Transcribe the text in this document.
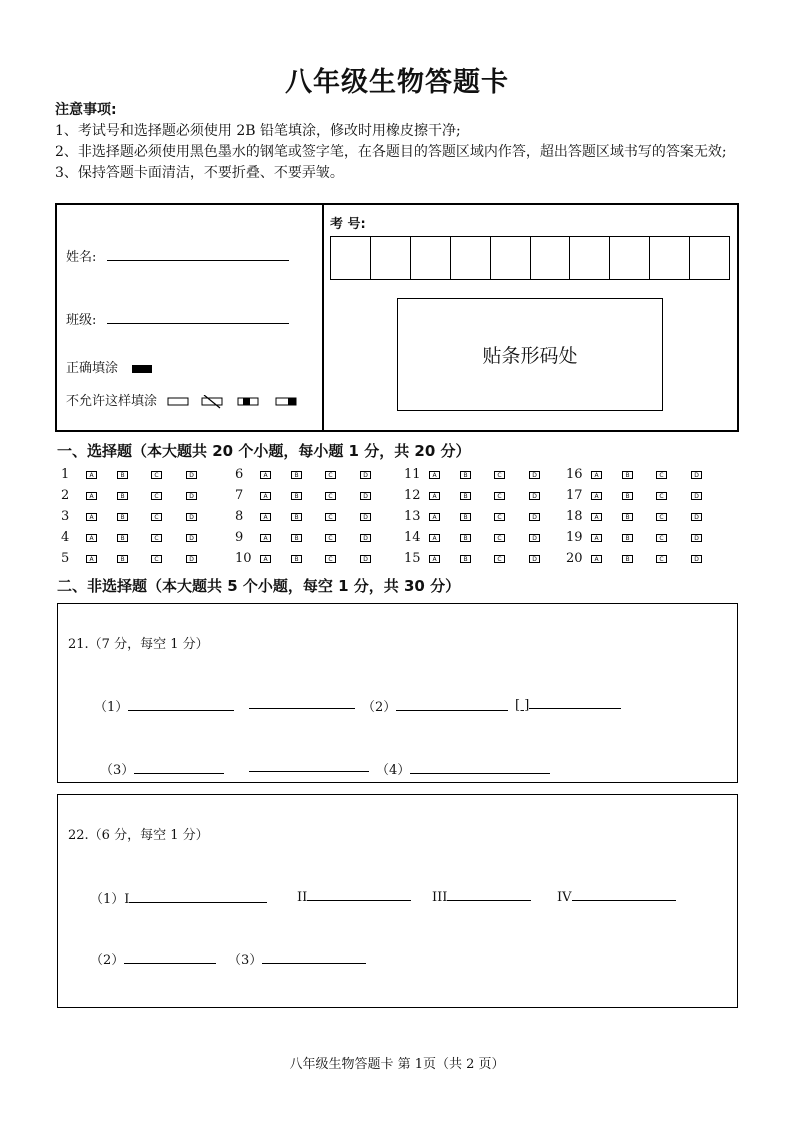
八年级生物答题卡
注意事项:
1、考试号和选择题必须使用 2B 铅笔填涂，修改时用橡皮擦干净;
2、非选择题必须使用黑色墨水的钢笔或签字笔，在各题目的答题区域内作答，超出答题区域书写的答案无效;
3、保持答题卡面清洁，不要折叠、不要弄皱。
姓名:
班级:
正确填涂
不允许这样填涂
考 号:
贴条形码处
一、选择题（本大题共 20 个小题，每小题 1 分，共 20 分）
1	A	B	C	D
2	A	B	C	D
3	A	B	C	D
4	A	B	C	D
5	A	B	C	D
6	A	B	C	D
7	A	B	C	D
8	A	B	C	D
9	A	B	C	D
10	A	B	C	D
11	A	B	C	D
12	A	B	C	D
13	A	B	C	D
14	A	B	C	D
15	A	B	C	D
16	A	B	C	D
17	A	B	C	D
18	A	B	C	D
19	A	B	C	D
20	A	B	C	D
二、非选择题（本大题共 5 个小题，每空 1 分，共 30 分）
21.（7 分，每空 1 分）
（1）	（2）	[ ]
（3）	（4）
22.（6 分，每空 1 分）
（1）I	II	III	IV
（2）	（3）
八年级生物答题卡 第 1页（共 2 页）
